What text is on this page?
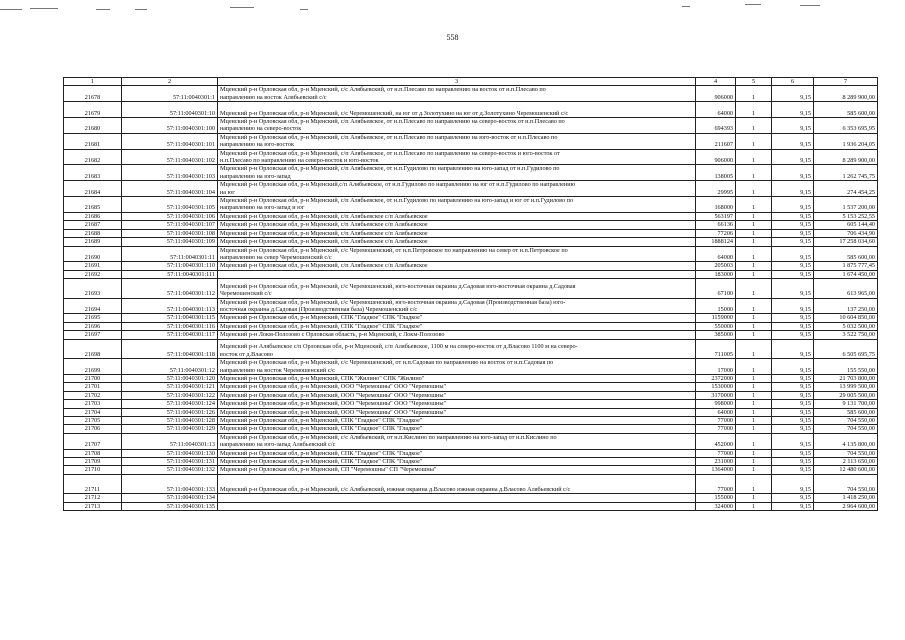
558
1	2	3	4	5	6	7
21678	57:11:0040301:1	Мценский р-н Орловская обл, р-н Мценский, с/с Алябьевский, от н.п.Плесаво по направлению на восток от н.п.Плесаво по
направлению на восток Алябьевский с/с	906000	1	9,15	8 289 900,00
21679	57:11:0040301:10	Мценский р-н Орловская обл, р-н Мценский, с/с Черемошенский, на юг от д.Золотухино на юг от д.Золотухино Черемошенский с/с	64000	1	9,15	585 600,00
21680	57:11:0040301:100	Мценский р-н Орловская обл, р-н Мценский, с/п Алябьевское, от н.п.Плесаво по направлению на северо-восток от н.п.Плесаво по
направлению на северо-восток	694393	1	9,15	6 353 695,95
21681	57:11:0040301:101	Мценский р-н Орловская обл, р-н Мценский, с/п Алябьевское, от н.п.Плесаво по направлению на юго-восток от н.п.Плесаво по
направлению на юго-восток	211607	1	9,15	1 936 204,05
21682	57:11:0040301:102	Мценский р-н Орловская обл, р-н Мценский, с/п Алябьевское, от н.п.Плесаво по направлению на северо-восток и юго-восток от
н.п.Плесаво по направлению на северо-восток и юго-восток	906000	1	9,15	8 289 900,00
21683	57:11:0040301:103	Мценский р-н Орловская обл, р-н Мценский, с/п Алябьевское, от н.п.Гудилово по направлению на юго-запад от н.п.Гудилово по
направлению на юго-запад	138005	1	9,15	1 262 745,75
21684	57:11:0040301:104	Мценский р-н Орловская обл, р-н Мценский,с/п Алябьевское, от н.п.Гудилово по направлению на юг от н.п.Гудилово по направлению
на юг	29995	1	9,15	274 454,25
21685	57:11:0040301:105	Мценский р-н Орловская обл, р-н Мценский, с/п Алябьевское, от н.п.Гудилово по направлению на юго-запад и юг от н.п.Гудилово по
направлению на юго-запад и юг	168000	1	9,15	1 537 200,00
21686	57:11:0040301:106	Мценский р-н Орловская обл, р-н Мценский, с/п Алябьевское с/п Алябьевское	563197	1	9,15	5 153 252,55
21687	57:11:0040301:107	Мценский р-н Орловская обл, р-н Мценский, с/п Алябьевское с/п Алябьевское	66136	1	9,15	605 144,40
21688	57:11:0040301:108	Мценский р-н Орловская обл, р-н Мценский, с/п Алябьевское с/п Алябьевское	77206	1	9,15	706 434,90
21689	57:11:0040301:109	Мценский р-н Орловская обл, р-н Мценский, с/п Алябьевское с/п Алябьевское	1888124	1	9,15	17 258 034,60
21690	57:11:0040301:11	Мценский р-н Орловская обл, р-н Мценский, с/с Черемошенский, от н.п.Петровское по направлению на север от н.п.Петровское по
направлению на север Черемошенский с/с	64000	1	9,15	585 600,00
21691	57:11:0040301:110	Мценский р-н Орловская обл, р-н Мценский, с/п Алябьевское с/п Алябьевское	205003	1	9,15	1 875 777,45
21692	57:11:0040301:111		183000	1	9,15	1 674 450,00
21693	57:11:0040301:112	Мценский р-н Орловская обл, р-н Мценский, с/с Черемошенский, юго-восточная окраина д.Садовая юго-восточная окраина д.Садовая
Черемошенский с/с	67100	1	9,15	613 965,00
21694	57:11:0040301:113	Мценский р-н Орловская обл, р-н Мценский, с/с Черемошенский, юго-восточная окраина д.Садовая (Производственная база) юго-
восточная окраина д.Садовая (Производственная база) Черемошенский с/с	15000	1	9,15	137 250,00
21695	57:11:0040301:115	Мценский р-н Орловская обл, р-н Мценский, СПК "Гладкое" СПК "Гладкое"	1159000	1	9,15	10 604 850,00
21696	57:11:0040301:116	Мценский р-н Орловская обл, р-н Мценский, СПК "Гладкое" СПК "Гладкое"	550000	1	9,15	5 032 500,00
21697	57:11:0040301:117	Мценский р-н Локм-Полозово с Орловская область, р-н Мценский, с Локм-Полозово	385000	1	9,15	3 522 750,00
21698	57:11:0040301:118	Мценский р-н Алябьевское с/п Орловская обл, р-н Мценский, с/п Алябьевское, 1100 м на северо-восток от д.Власово 1100 м на северо-
восток от д.Власово	711005	1	9,15	6 505 695,75
21699	57:11:0040301:12	Мценский р-н Орловская обл, р-н Мценский, с/с Черемошенский, от н.п.Садовая по направлению на восток от н.п.Садовая по
направлению на восток Черемошенский с/с	17000	1	9,15	155 550,00
21700	57:11:0040301:120	Мценский р-н Орловская обл, р-н Мценский, СПК "Жилино" СПК "Жилино"	2372000	1	9,15	21 703 800,00
21701	57:11:0040301:121	Мценский р-н Орловская обл, р-н Мценский, ООО "Черемошны" ООО "Черемошны"	1530000	1	9,15	13 999 500,00
21702	57:11:0040301:122	Мценский р-н Орловская обл, р-н Мценский, ООО "Черемошны" ООО "Черемошны"	3170000	1	9,15	29 005 500,00
21703	57:11:0040301:124	Мценский р-н Орловская обл, р-н Мценский, ООО "Черемошны" ООО "Черемошны"	998000	1	9,15	9 131 700,00
21704	57:11:0040301:126	Мценский р-н Орловская обл, р-н Мценский, ООО "Черемошны" ООО "Черемошны"	64000	1	9,15	585 600,00
21705	57:11:0040301:128	Мценский р-н Орловская обл, р-н Мценский, СПК "Гладкое" СПК "Гладкое"	77000	1	9,15	704 550,00
21706	57:11:0040301:129	Мценский р-н Орловская обл, р-н Мценский, СПК "Гладкое" СПК "Гладкое"	77000	1	9,15	704 550,00
21707	57:11:0040301:13	Мценский р-н Орловская обл, р-н Мценский, с/с Алябьевский, от н.п.Кислино по направлению на юго-запад от н.п.Кислино по
направлению на юго-запад Алябьевский с/с	452000	1	9,15	4 135 800,00
21708	57:11:0040301:130	Мценский р-н Орловская обл, р-н Мценский, СПК "Гладкое" СПК "Гладкое"	77000	1	9,15	704 550,00
21709	57:11:0040301:131	Мценский р-н Орловская обл, р-н Мценский, СПК "Гладкое" СПК "Гладкое"	231000	1	9,15	2 113 650,00
21710	57:11:0040301:132	Мценский р-н Орловская обл, р-н Мценский, СП "Черемошны" СП "Черемошны"	1364000	1	9,15	12 480 600,00
21711	57:11:0040301:133	Мценский р-н Орловская обл, р-н Мценский, с/с Алябьевский, южная окраина д.Власово южная окраина д.Власово Алябьевский с/с	77000	1	9,15	704 550,00
21712	57:11:0040301:134		155000	1	9,15	1 418 250,00
21713	57:11:0040301:135		324000	1	9,15	2 964 600,00
